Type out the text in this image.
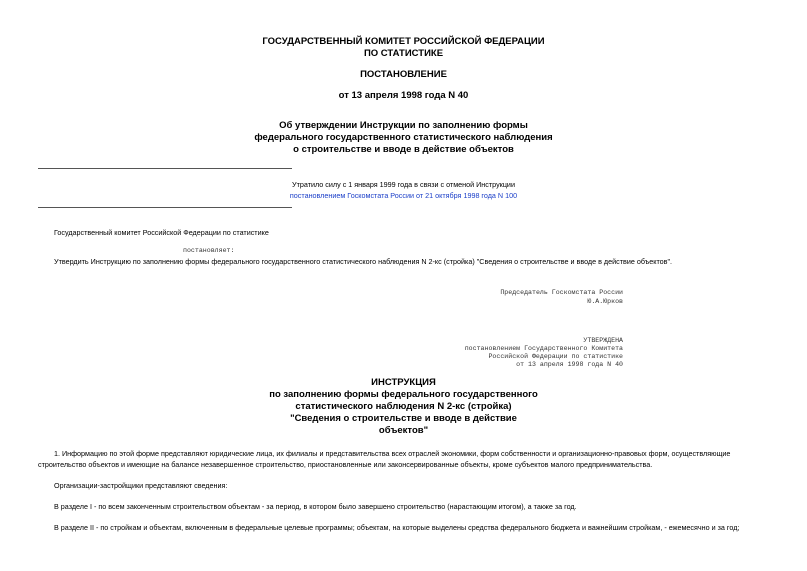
ГОСУДАРСТВЕННЫЙ КОМИТЕТ РОССИЙСКОЙ ФЕДЕРАЦИИ
ПО СТАТИСТИКЕ
ПОСТАНОВЛЕНИЕ
от 13 апреля 1998 года N 40
Об утверждении Инструкции по заполнению формы
федерального государственного статистического наблюдения
о строительстве и вводе в действие объектов
Утратило силу с 1 января 1999 года в связи с отменой Инструкции
постановлением Госкомстата России от 21 октября 1998 года N 100
Государственный комитет Российской Федерации по статистике
постановляет:
Утвердить Инструкцию по заполнению формы федерального государственного статистического наблюдения N 2-кс (стройка) "Сведения о строительстве и вводе в действие объектов".
Председатель Госкомстата России
Ю.А.Юрков
УТВЕРЖДЕНА
постановлением Государственного Комитета
Российской Федерации по статистике
от 13 апреля 1998 года N 40
ИНСТРУКЦИЯ
по заполнению формы федерального государственного
статистического наблюдения N 2-кс (стройка)
"Сведения о строительстве и вводе в действие
объектов"
1. Информацию по этой форме представляют юридические лица, их филиалы и представительства всех отраслей экономики, форм собственности и организационно-правовых форм, осуществляющие
строительство объектов и имеющие на балансе незавершенное строительство, приостановленные или законсервированные объекты, кроме субъектов малого предпринимательства.
Организации-застройщики представляют сведения:
В разделе I - по всем законченным строительством объектам - за период, в котором было завершено строительство (нарастающим итогом), а также за год.
В разделе II - по стройкам и объектам, включенным в федеральные целевые программы; объектам, на которые выделены средства федерального бюджета и важнейшим стройкам, - ежемесячно и за год;
